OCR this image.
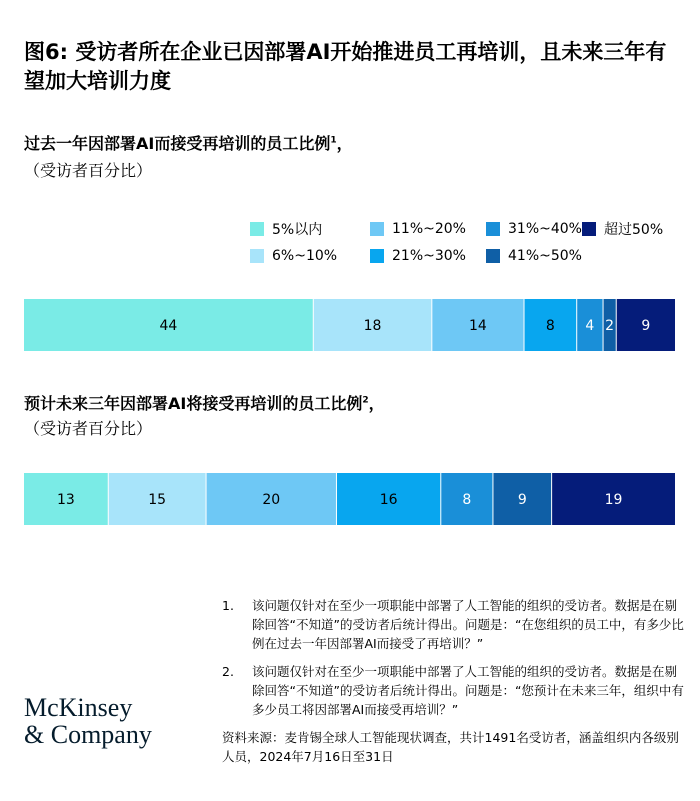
图6: 受访者所在企业已因部署AI开始推进员工再培训，且未来三年有望加大培训力度
过去一年因部署AI而接受再培训的员工比例$^1$，
（受访者百分比）
5%以内	11%~20%	31%~40% 超过50%
6%~10%	21%~30%	41%~50%
44	18	14	8 4 2 9
预计未来三年因部署AI将接受再培训的员工比例$^2$，
（受访者百分比）
13	15	20	16	8	9	19
1.	该问题仅针对在至少一项职能中部署了人工智能的组织的受访者。数据是在剔除回答“不知道”的受访者后统计得出。问题是：“在您组织的员工中，有多少比例在过去一年因部署AI而接受了再培训？”
2.	该问题仅针对在至少一项职能中部署了人工智能的组织的受访者。数据是在剔除回答“不知道”的受访者后统计得出。问题是：“您预计在未来三年，组织中有多少员工将因部署AI而接受再培训？”
资料来源：麦肯锡全球人工智能现状调查，共计1491名受访者，涵盖组织内各级别人员，2024年7月16日至31日
McKinsey
& Company
